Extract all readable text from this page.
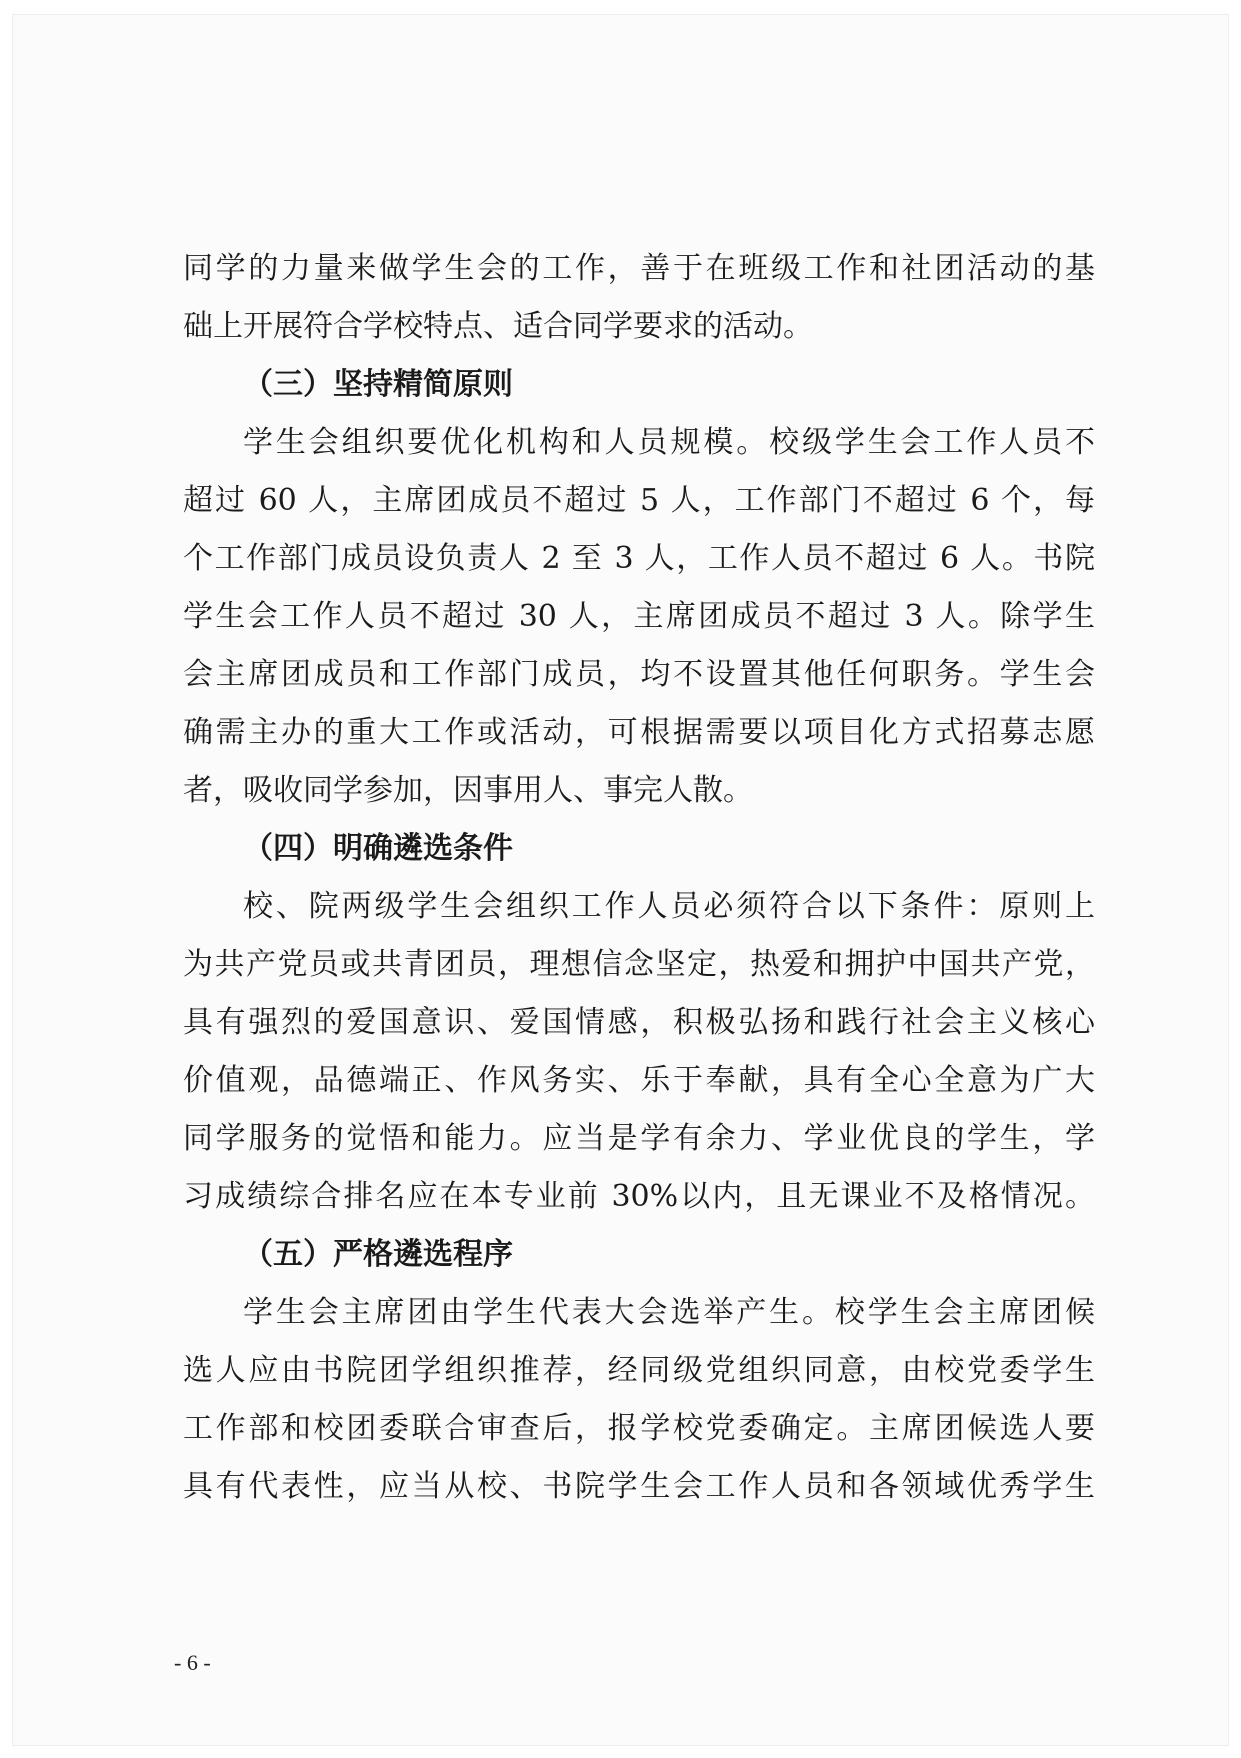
同学的力量来做学生会的工作，善于在班级工作和社团活动的基
础上开展符合学校特点、适合同学要求的活动。
（三）坚持精简原则
学生会组织要优化机构和人员规模。校级学生会工作人员不
超过 60 人，主席团成员不超过 5 人，工作部门不超过 6 个，每
个工作部门成员设负责人 2 至 3 人，工作人员不超过 6 人。书院
学生会工作人员不超过 30 人，主席团成员不超过 3 人。除学生
会主席团成员和工作部门成员，均不设置其他任何职务。学生会
确需主办的重大工作或活动，可根据需要以项目化方式招募志愿
者，吸收同学参加，因事用人、事完人散。
（四）明确遴选条件
校、院两级学生会组织工作人员必须符合以下条件：原则上
为共产党员或共青团员，理想信念坚定，热爱和拥护中国共产党，
具有强烈的爱国意识、爱国情感，积极弘扬和践行社会主义核心
价值观，品德端正、作风务实、乐于奉献，具有全心全意为广大
同学服务的觉悟和能力。应当是学有余力、学业优良的学生，学
习成绩综合排名应在本专业前 30%以内，且无课业不及格情况。
（五）严格遴选程序
学生会主席团由学生代表大会选举产生。校学生会主席团候
选人应由书院团学组织推荐，经同级党组织同意，由校党委学生
工作部和校团委联合审查后，报学校党委确定。主席团候选人要
具有代表性，应当从校、书院学生会工作人员和各领域优秀学生
- 6 -
